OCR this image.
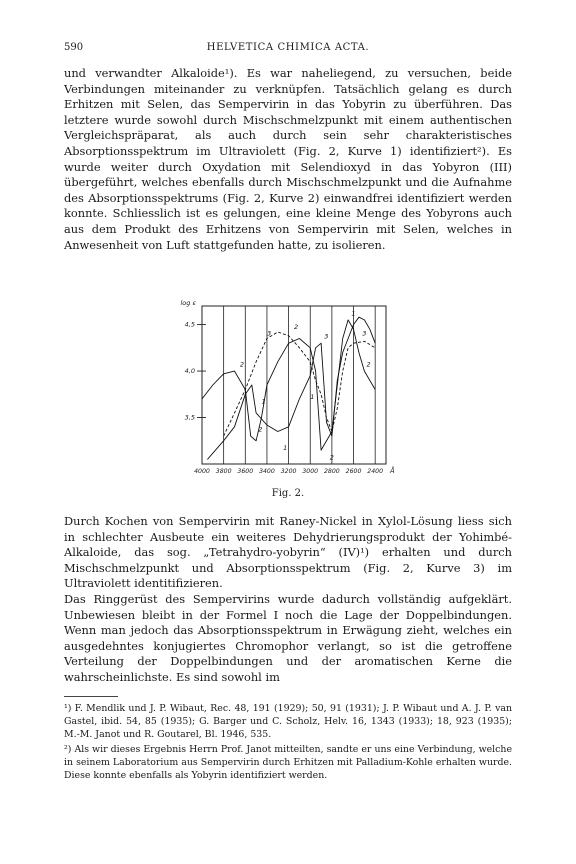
590	HELVETICA CHIMICA ACTA.

und verwandter Alkaloide¹). Es war naheliegend, zu versuchen, beide Verbindungen miteinander zu verknüpfen. Tatsächlich gelang es durch Erhitzen mit Selen, das Sempervirin in das Yobyrin zu überführen. Das letztere wurde sowohl durch Mischschmelzpunkt mit einem authentischen Vergleichspräparat, als auch durch sein sehr charakteristisches Absorptionsspektrum im Ultraviolett (Fig. 2, Kurve 1) identifiziert²). Es wurde weiter durch Oxydation mit Selendioxyd in das Yobyron (III) übergeführt, welches ebenfalls durch Mischschmelzpunkt und die Aufnahme des Absorptionsspektrums (Fig. 2, Kurve 2) einwandfrei identifiziert werden konnte. Schliesslich ist es gelungen, eine kleine Menge des Yobyrons auch aus dem Produkt des Erhitzens von Sempervirin mit Selen, welches in Anwesenheit von Luft stattgefunden hatte, zu isolieren.

4000 3800 3600 3400 3200 3000 2800 2600 2400
3,5
4,0
4,5
log ε
Å
2
3
2
1
2
1
1
2
1
3
2
3
Fig. 2.

Durch Kochen von Sempervirin mit Raney-Nickel in Xylol-Lösung liess sich in schlechter Ausbeute ein weiteres Dehydrierungsprodukt der Yohimbé-Alkaloide, das sog. „Tetrahydro-yobyrin“ (IV)¹) erhalten und durch Mischschmelzpunkt und Absorptionsspektrum (Fig. 2, Kurve 3) im Ultraviolett identitifizieren.

Das Ringgerüst des Sempervirins wurde dadurch vollständig aufgeklärt. Unbewiesen bleibt in der Formel I noch die Lage der Doppelbindungen. Wenn man jedoch das Absorptionsspektrum in Erwägung zieht, welches ein ausgedehntes konjugiertes Chromophor verlangt, so ist die getroffene Verteilung der Doppelbindungen und der aromatischen Kerne die wahrscheinlichste. Es sind sowohl im

¹) F. Mendlik und J. P. Wibaut, Rec. 48, 191 (1929); 50, 91 (1931); J. P. Wibaut und A. J. P. van Gastel, ibid. 54, 85 (1935); G. Barger und C. Scholz, Helv. 16, 1343 (1933); 18, 923 (1935); M.-M. Janot und R. Goutarel, Bl. 1946, 535.

²) Als wir dieses Ergebnis Herrn Prof. Janot mitteilten, sandte er uns eine Verbindung, welche in seinem Laboratorium aus Sempervirin durch Erhitzen mit Palladium-Kohle erhalten wurde. Diese konnte ebenfalls als Yobyrin identifiziert werden.
